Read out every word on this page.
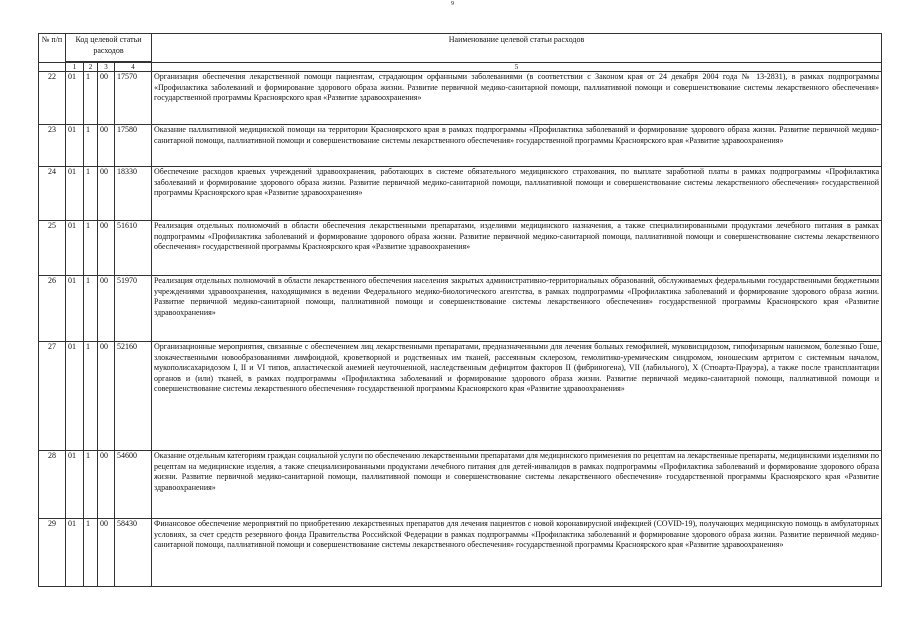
9
№ п/п	Код целевой статьи расходов				Наименование целевой статьи расходов

	1	2	3	4	5
22	01	1	00	17570	Организация обеспечения лекарственной помощи пациентам, страдающим орфанными заболеваниями (в соответствии с Законом края от 24 декабря 2004 года № 13-2831), в рамках подпрограммы «Профилактика заболеваний и формирование здорового образа жизни. Развитие первичной медико-санитарной помощи, паллиативной помощи и совершенствование системы лекарственного обеспечения» государственной программы Красноярского края «Развитие здравоохранения»
23	01	1	00	17580	Оказание паллиативной медицинской помощи на территории Красноярского края в рамках подпрограммы «Профилактика заболеваний и формирование здорового образа жизни. Развитие первичной медико-санитарной помощи, паллиативной помощи и совершенствование системы лекарственного обеспечения» государственной программы Красноярского края «Развитие здравоохранения»
24	01	1	00	18330	Обеспечение расходов краевых учреждений здравоохранения, работающих в системе обязательного медицинского страхования, по выплате заработной платы в рамках подпрограммы «Профилактика заболеваний и формирование здорового образа жизни. Развитие первичной медико-санитарной помощи, паллиативной помощи и совершенствование системы лекарственного обеспечения» государственной программы Красноярского края «Развитие здравоохранения»
25	01	1	00	51610	Реализация отдельных полномочий в области обеспечения лекарственными препаратами, изделиями медицинского назначения, а также специализированными продуктами лечебного питания в рамках подпрограммы «Профилактика заболеваний и формирование здорового образа жизни. Развитие первичной медико-санитарной помощи, паллиативной помощи и совершенствование системы лекарственного обеспечения» государственной программы Красноярского края «Развитие здравоохранения»
26	01	1	00	51970	Реализация отдельных полномочий в области лекарственного обеспечения населения закрытых административно-территориальных образований, обслуживаемых федеральными государственными бюджетными учреждениями здравоохранения, находящимися в ведении Федерального медико-биологического агентства, в рамках подпрограммы «Профилактика заболеваний и формирование здорового образа жизни. Развитие первичной медико-санитарной помощи, паллиативной помощи и совершенствование системы лекарственного обеспечения» государственной программы Красноярского края «Развитие здравоохранения»
27	01	1	00	52160	Организационные мероприятия, связанные с обеспечением лиц лекарственными препаратами, предназначенными для лечения больных гемофилией, муковисцидозом, гипофизарным нанизмом, болезнью Гоше, злокачественными новообразованиями лимфоидной, кроветворной и родственных им тканей, рассеянным склерозом, гемолитико-уремическим синдромом, юношеским артритом с системным началом, мукополисахаридозом I, II и VI типов, апластической анемией неуточненной, наследственным дефицитом факторов II (фибриногена), VII (лабильного), X (Стюарта-Прауэра), а также после трансплантации органов и (или) тканей, в рамках подпрограммы «Профилактика заболеваний и формирование здорового образа жизни. Развитие первичной медико-санитарной помощи, паллиативной помощи и совершенствование системы лекарственного обеспечения» государственной программы Красноярского края «Развитие здравоохранения»
28	01	1	00	54600	Оказание отдельным категориям граждан социальной услуги по обеспечению лекарственными препаратами для медицинского применения по рецептам на лекарственные препараты, медицинскими изделиями по рецептам на медицинские изделия, а также специализированными продуктами лечебного питания для детей-инвалидов в рамках подпрограммы «Профилактика заболеваний и формирование здорового образа жизни. Развитие первичной медико-санитарной помощи, паллиативной помощи и совершенствование системы лекарственного обеспечения» государственной программы Красноярского края «Развитие здравоохранения»
29	01	1	00	58430	Финансовое обеспечение мероприятий по приобретению лекарственных препаратов для лечения пациентов с новой коронавирусной инфекцией (COVID-19), получающих медицинскую помощь в амбулаторных условиях, за счет средств резервного фонда Правительства Российской Федерации в рамках подпрограммы «Профилактика заболеваний и формирование здорового образа жизни. Развитие первичной медико-санитарной помощи, паллиативной помощи и совершенствование системы лекарственного обеспечения» государственной программы Красноярского края «Развитие здравоохранения»
